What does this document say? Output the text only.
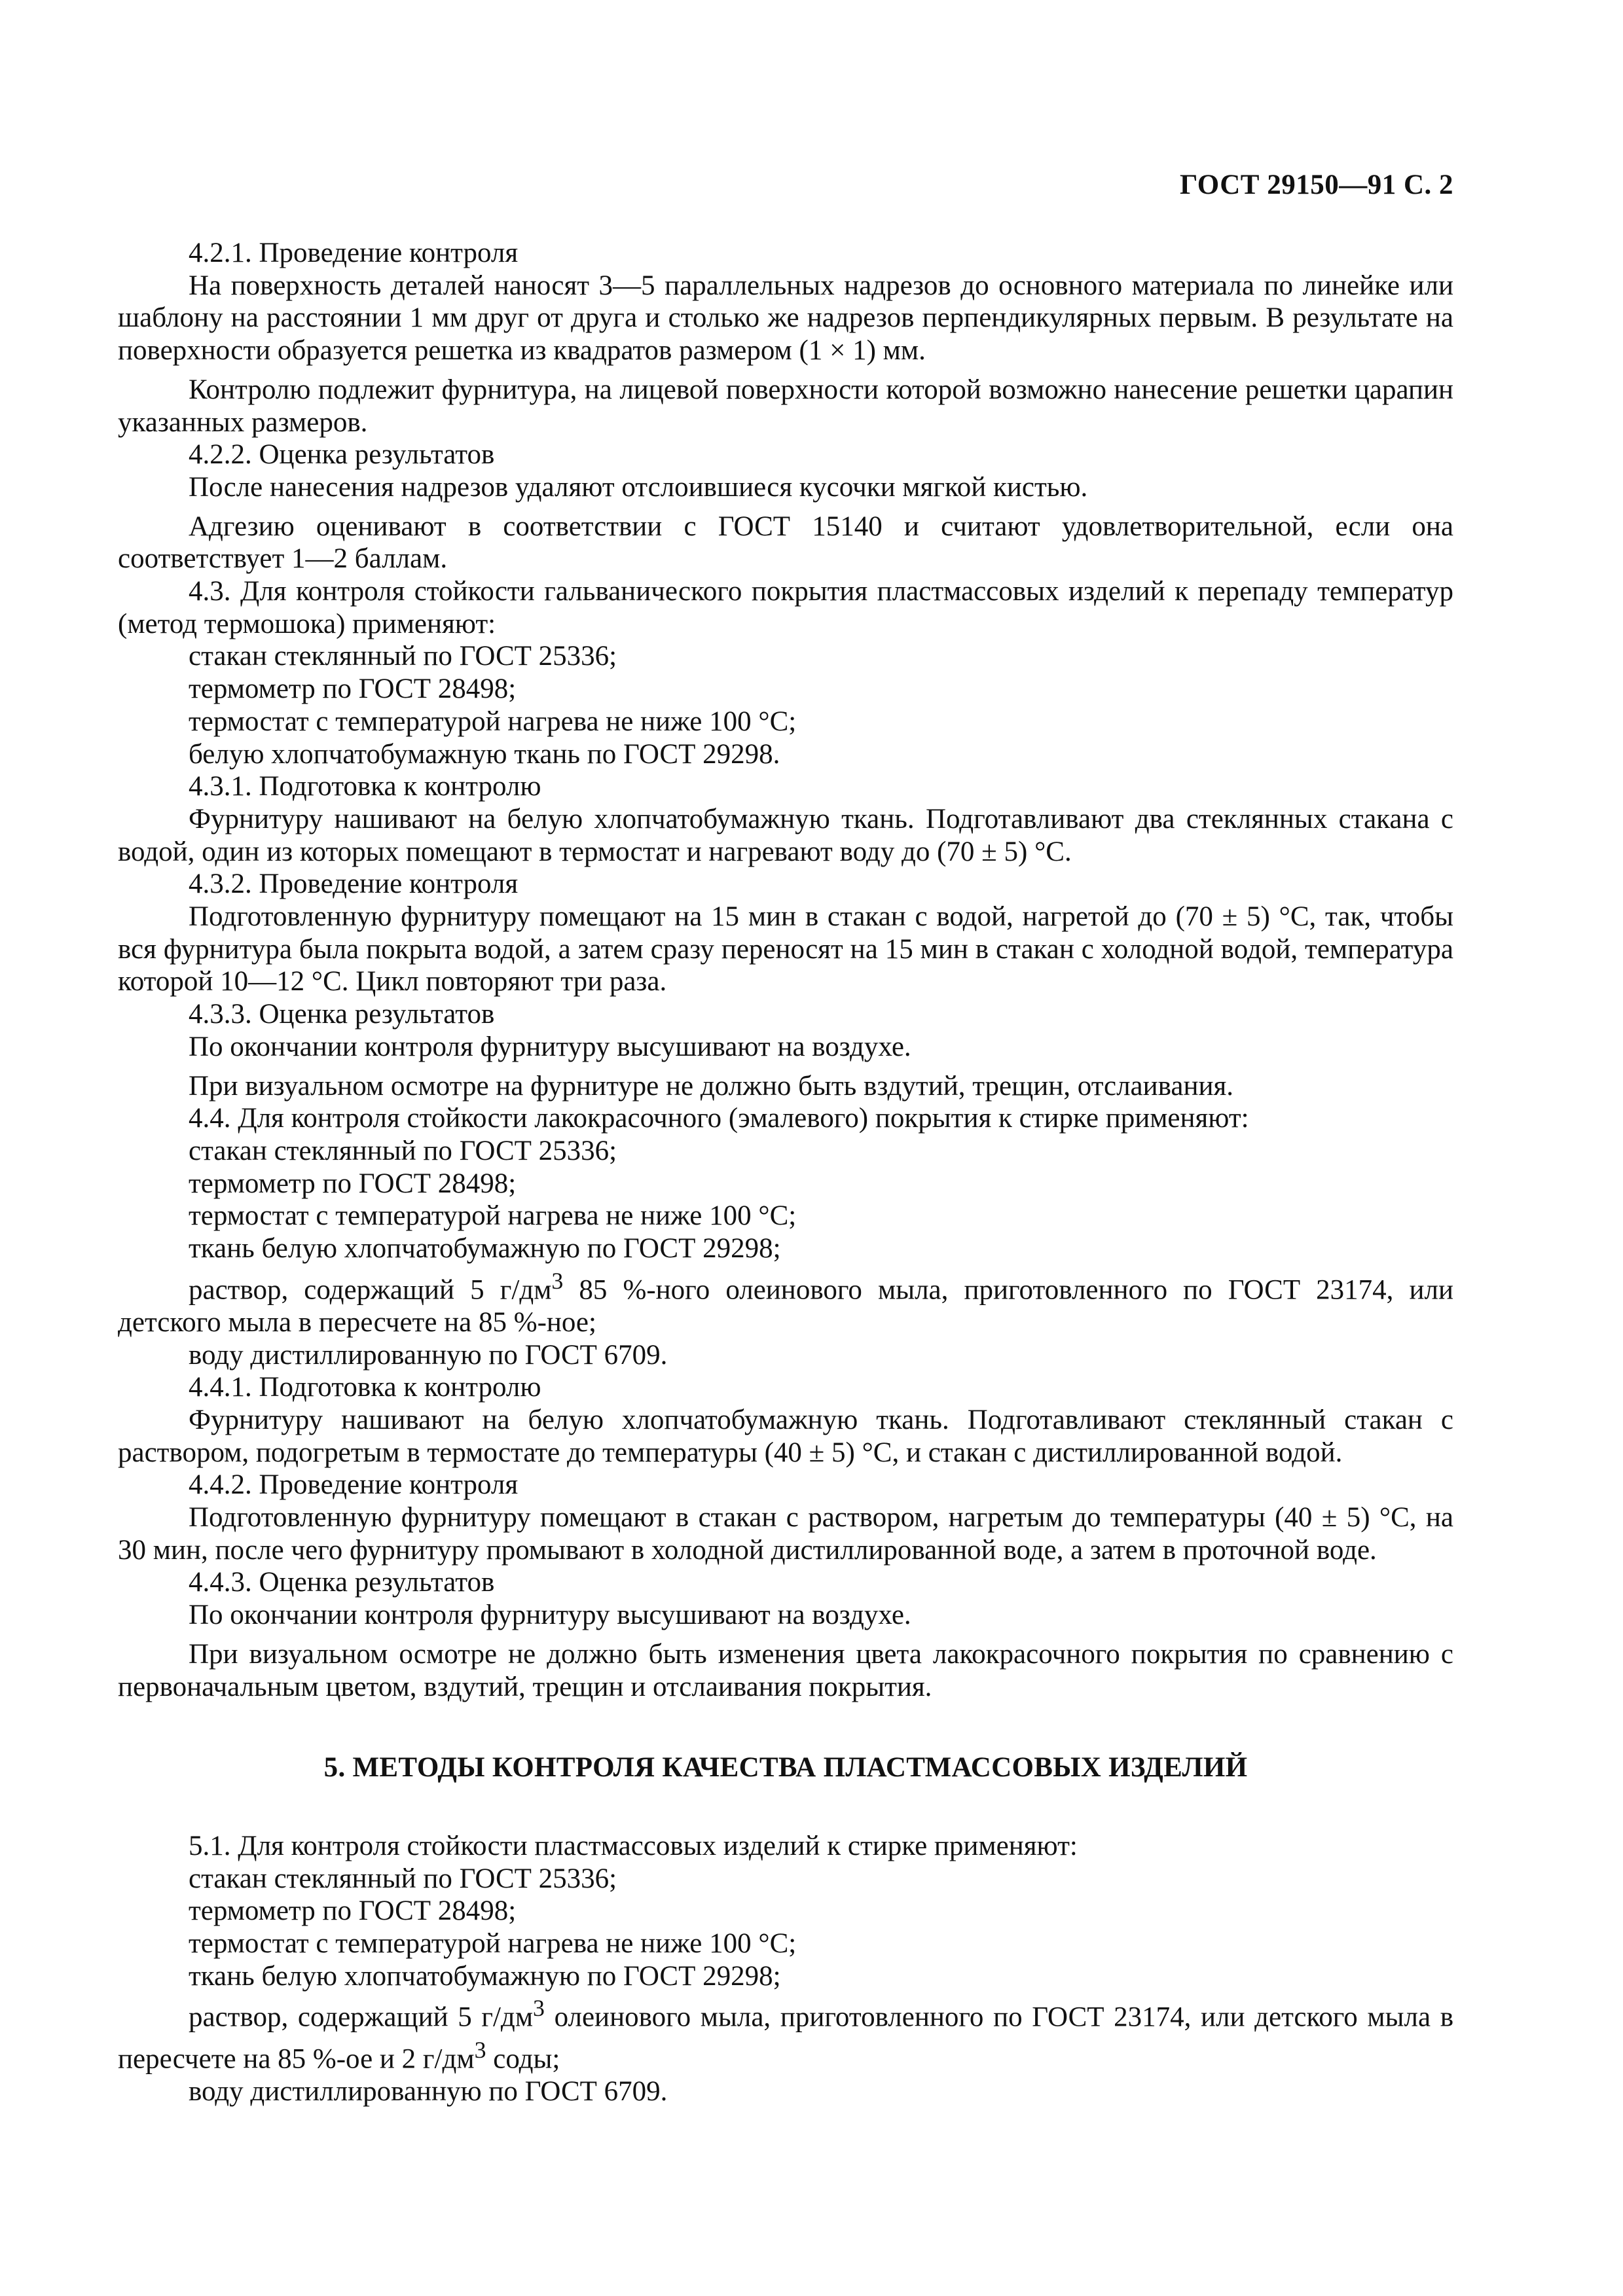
ГОСТ 29150—91 С. 2

4.2.1. Проведение контроля

На поверхность деталей наносят 3—5 параллельных надрезов до основного материала по линейке или шаблону на расстоянии 1 мм друг от друга и столько же надрезов перпендикулярных первым. В результате на поверхности образуется решетка из квадратов размером (1 × 1) мм.

Контролю подлежит фурнитура, на лицевой поверхности которой возможно нанесение решетки царапин указанных размеров.

4.2.2. Оценка результатов

После нанесения надрезов удаляют отслоившиеся кусочки мягкой кистью.

Адгезию оценивают в соответствии с ГОСТ 15140 и считают удовлетворительной, если она соответствует 1—2 баллам.

4.3. Для контроля стойкости гальванического покрытия пластмассовых изделий к перепаду температур (метод термошока) применяют:

стакан стеклянный по ГОСТ 25336;

термометр по ГОСТ 28498;

термостат с температурой нагрева не ниже 100 °С;

белую хлопчатобумажную ткань по ГОСТ 29298.

4.3.1. Подготовка к контролю

Фурнитуру нашивают на белую хлопчатобумажную ткань. Подготавливают два стеклянных стакана с водой, один из которых помещают в термостат и нагревают воду до (70 ± 5) °С.

4.3.2. Проведение контроля

Подготовленную фурнитуру помещают на 15 мин в стакан с водой, нагретой до (70 ± 5) °С, так, чтобы вся фурнитура была покрыта водой, а затем сразу переносят на 15 мин в стакан с холодной водой, температура которой 10—12 °С. Цикл повторяют три раза.

4.3.3. Оценка результатов

По окончании контроля фурнитуру высушивают на воздухе.

При визуальном осмотре на фурнитуре не должно быть вздутий, трещин, отслаивания.

4.4. Для контроля стойкости лакокрасочного (эмалевого) покрытия к стирке применяют:

стакан стеклянный по ГОСТ 25336;

термометр по ГОСТ 28498;

термостат с температурой нагрева не ниже 100 °С;

ткань белую хлопчатобумажную по ГОСТ 29298;

раствор, содержащий 5 $г/дм^3$ 85 %-ного олеинового мыла, приготовленного по ГОСТ 23174, или детского мыла в пересчете на 85 %-ное;

воду дистиллированную по ГОСТ 6709.

4.4.1. Подготовка к контролю

Фурнитуру нашивают на белую хлопчатобумажную ткань. Подготавливают стеклянный стакан с раствором, подогретым в термостате до температуры (40 ± 5) °С, и стакан с дистиллированной водой.

4.4.2. Проведение контроля

Подготовленную фурнитуру помещают в стакан с раствором, нагретым до температуры (40 ± 5) °С, на 30 мин, после чего фурнитуру промывают в холодной дистиллированной воде, а затем в проточной воде.

4.4.3. Оценка результатов

По окончании контроля фурнитуру высушивают на воздухе.

При визуальном осмотре не должно быть изменения цвета лакокрасочного покрытия по сравнению с первоначальным цветом, вздутий, трещин и отслаивания покрытия.

5. МЕТОДЫ КОНТРОЛЯ КАЧЕСТВА ПЛАСТМАССОВЫХ ИЗДЕЛИЙ

5.1. Для контроля стойкости пластмассовых изделий к стирке применяют:

стакан стеклянный по ГОСТ 25336;

термометр по ГОСТ 28498;

термостат с температурой нагрева не ниже 100 °С;

ткань белую хлопчатобумажную по ГОСТ 29298;

раствор, содержащий 5 $г/дм^3$ олеинового мыла, приготовленного по ГОСТ 23174, или детского мыла в пересчете на 85 %-ое и 2 $г/дм^3$ соды;

воду дистиллированную по ГОСТ 6709.
